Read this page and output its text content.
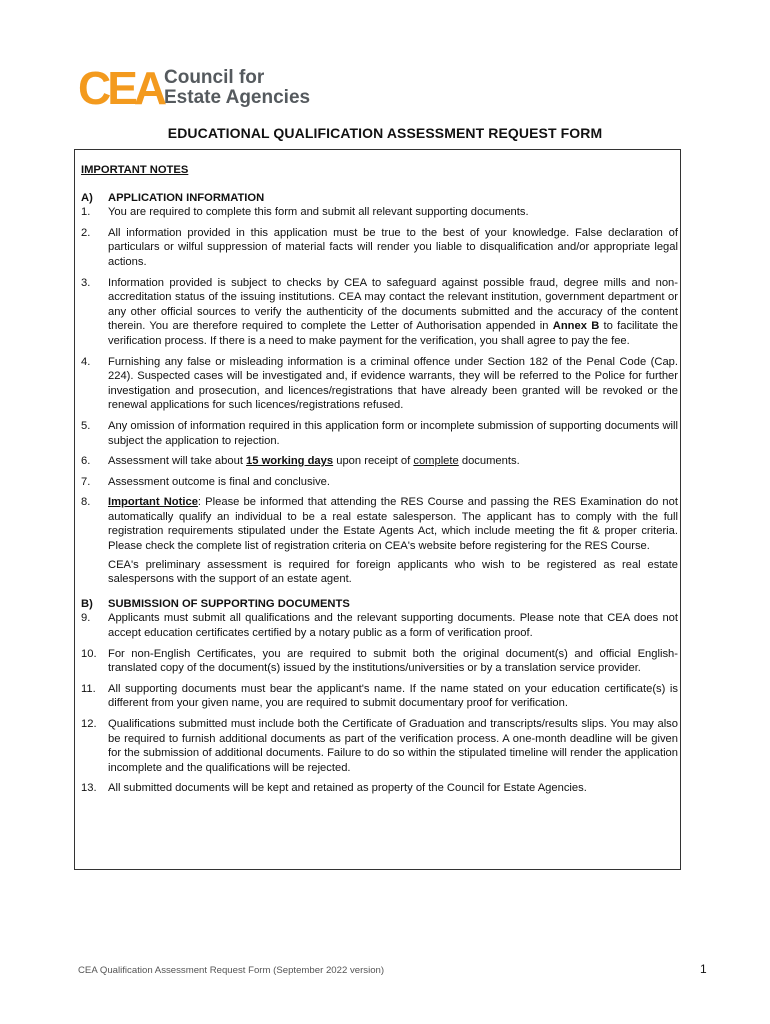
CEA Council for
Estate Agencies
EDUCATIONAL QUALIFICATION ASSESSMENT REQUEST FORM
IMPORTANT NOTES
A)	APPLICATION INFORMATION
1.	You are required to complete this form and submit all relevant supporting documents.
2.	All information provided in this application must be true to the best of your knowledge. False declaration of particulars or wilful suppression of material facts will render you liable to disqualification and/or appropriate legal actions.
3.	Information provided is subject to checks by CEA to safeguard against possible fraud, degree mills and non-accreditation status of the issuing institutions. CEA may contact the relevant institution, government department or any other official sources to verify the authenticity of the documents submitted and the accuracy of the content therein. You are therefore required to complete the Letter of Authorisation appended in Annex B to facilitate the verification process. If there is a need to make payment for the verification, you shall agree to pay the fee.
4.	Furnishing any false or misleading information is a criminal offence under Section 182 of the Penal Code (Cap. 224). Suspected cases will be investigated and, if evidence warrants, they will be referred to the Police for further investigation and prosecution, and licences/registrations that have already been granted will be revoked or the renewal applications for such licences/registrations refused.
5.	Any omission of information required in this application form or incomplete submission of supporting documents will subject the application to rejection.
6.	Assessment will take about 15 working days upon receipt of complete documents.
7.	Assessment outcome is final and conclusive.
8.	Important Notice: Please be informed that attending the RES Course and passing the RES Examination do not automatically qualify an individual to be a real estate salesperson. The applicant has to comply with the full registration requirements stipulated under the Estate Agents Act, which include meeting the fit & proper criteria. Please check the complete list of registration criteria on CEA's website before registering for the RES Course.
CEA's preliminary assessment is required for foreign applicants who wish to be registered as real estate salespersons with the support of an estate agent.
B)	SUBMISSION OF SUPPORTING DOCUMENTS
9.	Applicants must submit all qualifications and the relevant supporting documents. Please note that CEA does not accept education certificates certified by a notary public as a form of verification proof.
10.	For non-English Certificates, you are required to submit both the original document(s) and official English-translated copy of the document(s) issued by the institutions/universities or by a translation service provider.
11.	All supporting documents must bear the applicant's name. If the name stated on your education certificate(s) is different from your given name, you are required to submit documentary proof for verification.
12.	Qualifications submitted must include both the Certificate of Graduation and transcripts/results slips. You may also be required to furnish additional documents as part of the verification process. A one-month deadline will be given for the submission of additional documents. Failure to do so within the stipulated timeline will render the application incomplete and the qualifications will be rejected.
13.	All submitted documents will be kept and retained as property of the Council for Estate Agencies.
CEA Qualification Assessment Request Form (September 2022 version)	1
